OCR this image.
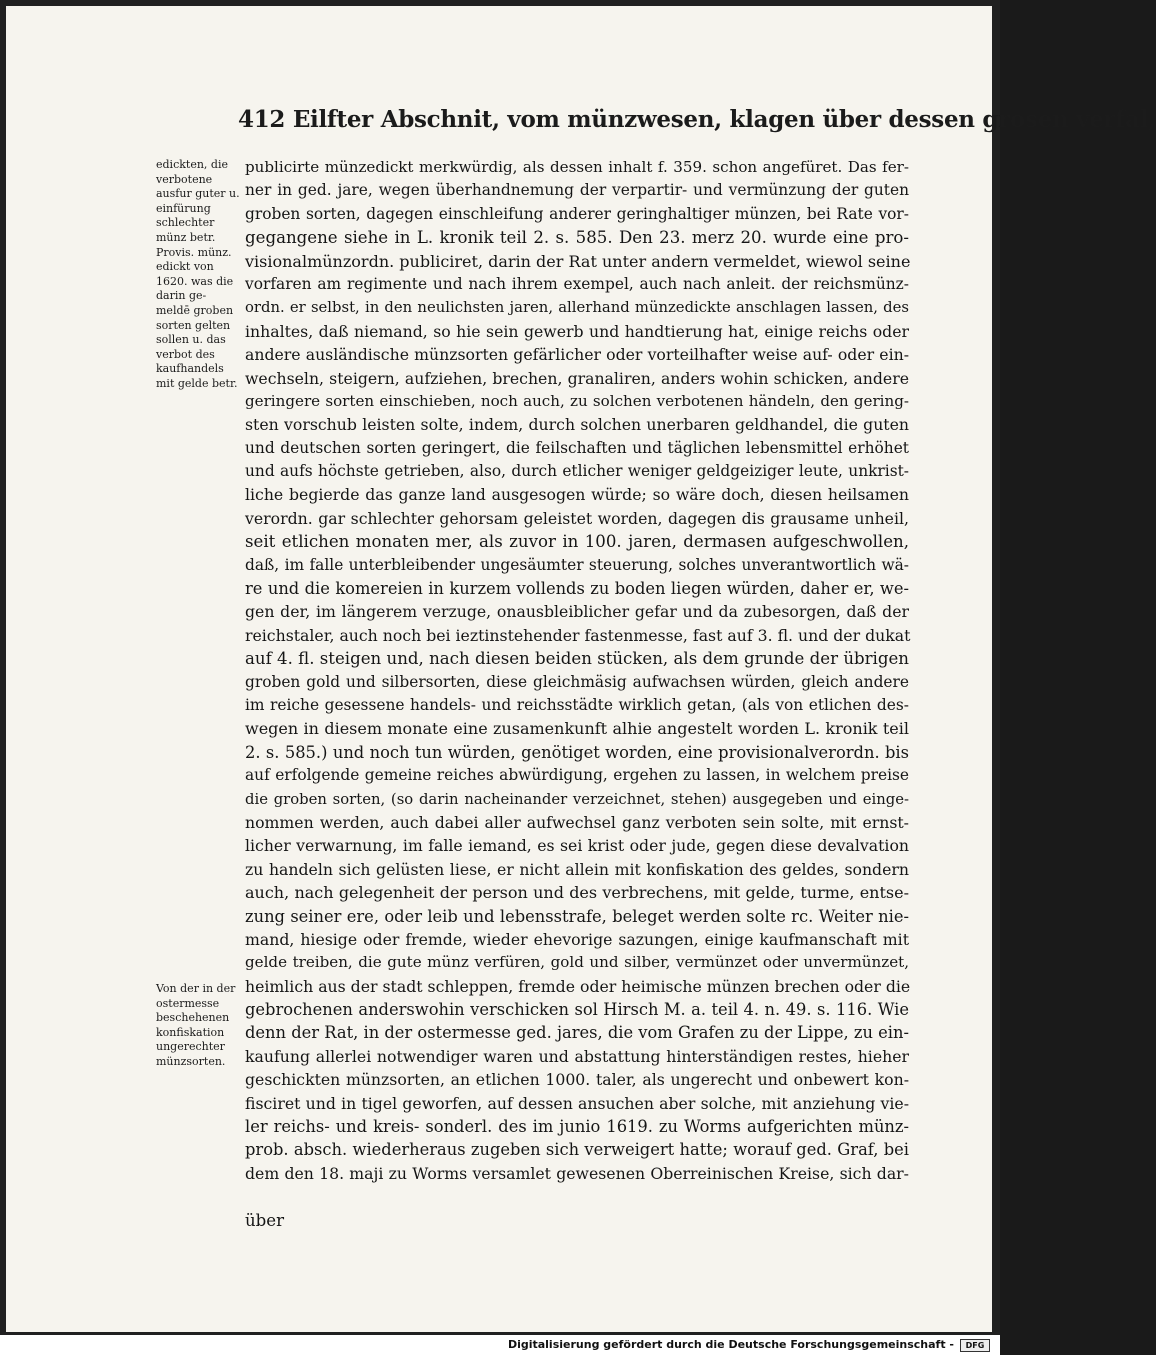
412 Eilfter Abschnit, vom münzwesen, klagen über dessen grosen verfal,
edickten, die verbotene ausfur guter u. einfürung schlechter münz betr. Provis. münz. edickt von 1620. was die darin ge- meldē groben sorten gelten sollen u. das verbot des kaufhandels mit gelde betr.
Von der in der ostermesse beschehenen konfiskation ungerechter münzsorten.
publicirte münzedickt merkwürdig, als dessen inhalt f. 359. schon angefüret. Das fer-
ner in ged. jare, wegen überhandnemung der verpartir- und vermünzung der guten
groben sorten, dagegen einschleifung anderer geringhaltiger münzen, bei Rate vor-
gegangene siehe in L. kronik teil 2. s. 585. Den 23. merz 20. wurde eine pro-
visionalmünzordn. publiciret, darin der Rat unter andern vermeldet, wiewol seine
vorfaren am regimente und nach ihrem exempel, auch nach anleit. der reichsmünz-
ordn. er selbst, in den neulichsten jaren, allerhand münzedickte anschlagen lassen, des
inhaltes, daß niemand, so hie sein gewerb und handtierung hat, einige reichs oder
andere ausländische münzsorten gefärlicher oder vorteilhafter weise auf- oder ein-
wechseln, steigern, aufziehen, brechen, granaliren, anders wohin schicken, andere
geringere sorten einschieben, noch auch, zu solchen verbotenen händeln, den gering-
sten vorschub leisten solte, indem, durch solchen unerbaren geldhandel, die guten
und deutschen sorten geringert, die feilschaften und täglichen lebensmittel erhöhet
und aufs höchste getrieben, also, durch etlicher weniger geldgeiziger leute, unkrist-
liche begierde das ganze land ausgesogen würde; so wäre doch, diesen heilsamen
verordn. gar schlechter gehorsam geleistet worden, dagegen dis grausame unheil,
seit etlichen monaten mer, als zuvor in 100. jaren, dermasen aufgeschwollen,
daß, im falle unterbleibender ungesäumter steuerung, solches unverantwortlich wä-
re und die komereien in kurzem vollends zu boden liegen würden, daher er, we-
gen der, im längerem verzuge, onausbleiblicher gefar und da zubesorgen, daß der
reichstaler, auch noch bei ieztinstehender fastenmesse, fast auf 3. fl. und der dukat
auf 4. fl. steigen und, nach diesen beiden stücken, als dem grunde der übrigen
groben gold und silbersorten, diese gleichmäsig aufwachsen würden, gleich andere
im reiche gesessene handels- und reichsstädte wirklich getan, (als von etlichen des-
wegen in diesem monate eine zusamenkunft alhie angestelt worden L. kronik teil
2. s. 585.) und noch tun würden, genötiget worden, eine provisionalverordn. bis
auf erfolgende gemeine reiches abwürdigung, ergehen zu lassen, in welchem preise
die groben sorten, (so darin nacheinander verzeichnet, stehen) ausgegeben und einge-
nommen werden, auch dabei aller aufwechsel ganz verboten sein solte, mit ernst-
licher verwarnung, im falle iemand, es sei krist oder jude, gegen diese devalvation
zu handeln sich gelüsten liese, er nicht allein mit konfiskation des geldes, sondern
auch, nach gelegenheit der person und des verbrechens, mit gelde, turme, entse-
zung seiner ere, oder leib und lebensstrafe, beleget werden solte rc. Weiter nie-
mand, hiesige oder fremde, wieder ehevorige sazungen, einige kaufmanschaft mit
gelde treiben, die gute münz verfüren, gold und silber, vermünzet oder unvermünzet,
heimlich aus der stadt schleppen, fremde oder heimische münzen brechen oder die
gebrochenen anderswohin verschicken sol Hirsch M. a. teil 4. n. 49. s. 116. Wie
denn der Rat, in der ostermesse ged. jares, die vom Grafen zu der Lippe, zu ein-
kaufung allerlei notwendiger waren und abstattung hinterständigen restes, hieher
geschickten münzsorten, an etlichen 1000. taler, als ungerecht und onbewert kon-
fisciret und in tigel geworfen, auf dessen ansuchen aber solche, mit anziehung vie-
ler reichs- und kreis- sonderl. des im junio 1619. zu Worms aufgerichten münz-
prob. absch. wiederheraus zugeben sich verweigert hatte; worauf ged. Graf, bei
dem den 18. maji zu Worms versamlet gewesenen Oberreinischen Kreise, sich dar-
über
Digitalisierung gefördert durch die Deutsche Forschungsgemeinschaft -	DFG
